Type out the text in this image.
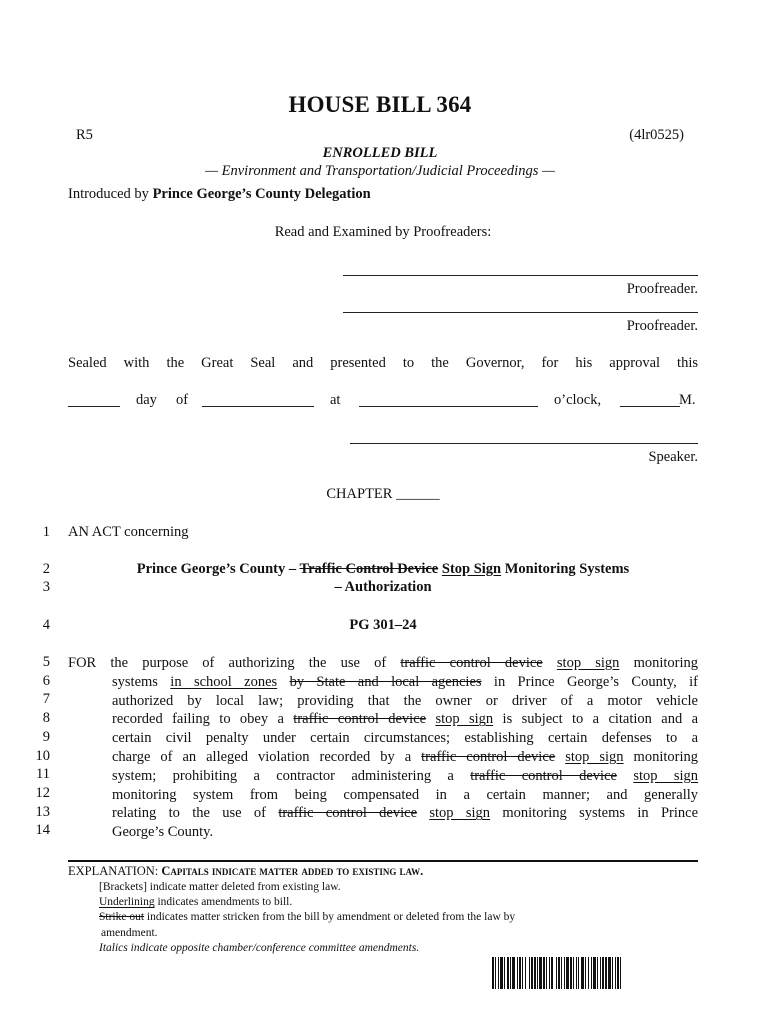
HOUSE BILL 364
R5	(4lr0525)
ENROLLED BILL
— Environment and Transportation/Judicial Proceedings —
Introduced by Prince George’s County Delegation
Read and Examined by Proofreaders:
Proofreader.
Proofreader.
Sealed with the Great Seal and presented to the Governor, for his approval this
day of	at	o’clock,	M.
Speaker.
CHAPTER ______
1
2
3
4
5
6
7
8
9
10
11
12
13
14
AN ACT concerning
Prince George’s County – Traffic Control Device Stop Sign Monitoring Systems
– Authorization
PG 301–24
FOR the purpose of authorizing the use of traffic control device stop sign monitoring
systems in school zones by State and local agencies in Prince George’s County, if
authorized by local law; providing that the owner or driver of a motor vehicle
recorded failing to obey a traffic control device stop sign is subject to a citation and a
certain civil penalty under certain circumstances; establishing certain defenses to a
charge of an alleged violation recorded by a traffic control device stop sign monitoring
system; prohibiting a contractor administering a traffic control device stop sign
monitoring system from being compensated in a certain manner; and generally
relating to the use of traffic control device stop sign monitoring systems in Prince
George’s County.
EXPLANATION: Capitals indicate matter added to existing law.
[Brackets] indicate matter deleted from existing law.
Underlining indicates amendments to bill.
Strike out indicates matter stricken from the bill by amendment or deleted from the law by
amendment.
Italics indicate opposite chamber/conference committee amendments.
